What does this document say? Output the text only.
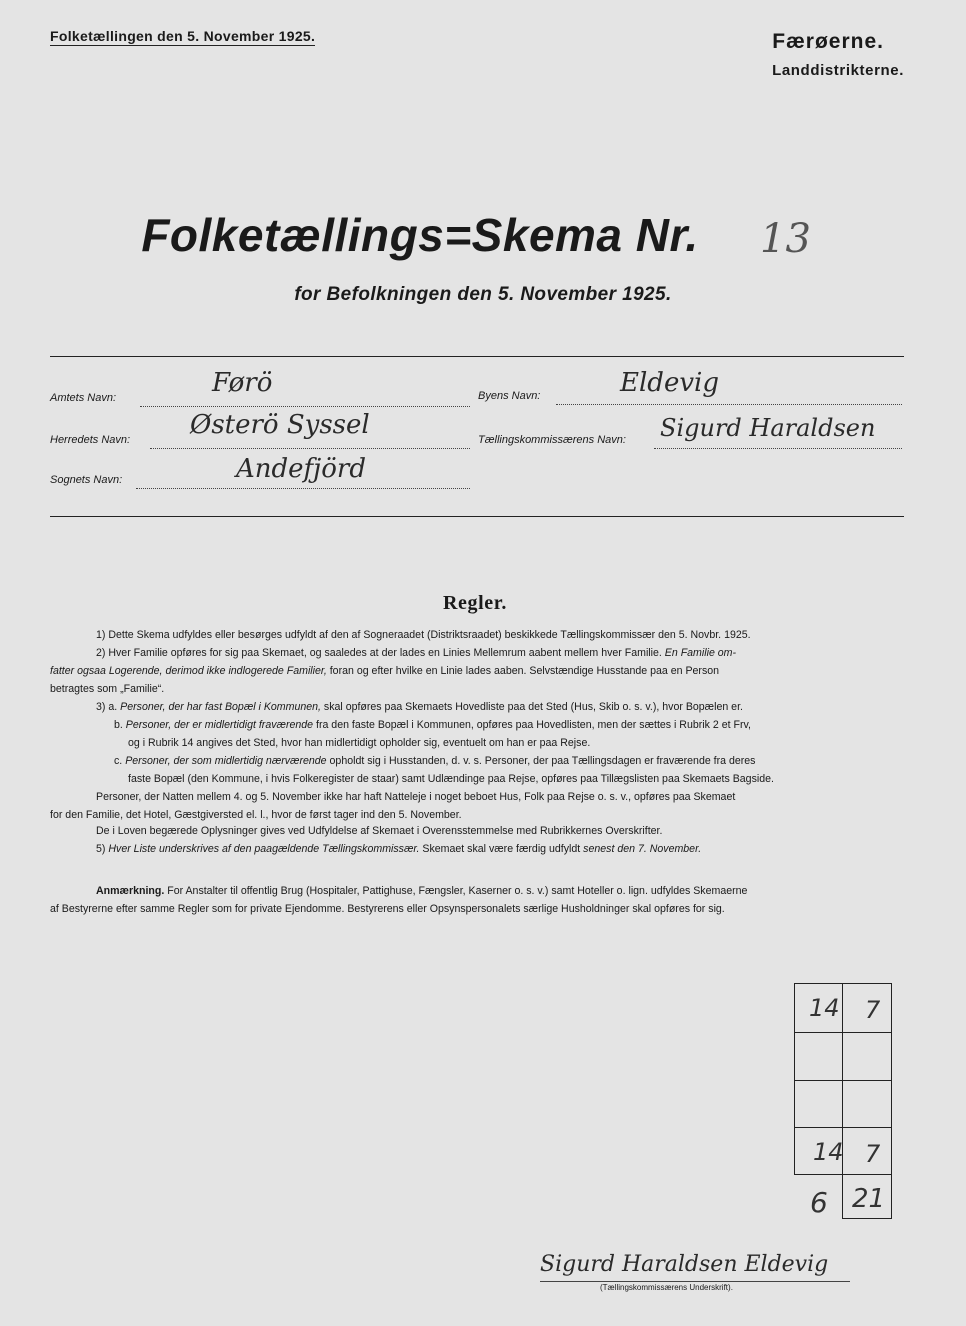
Folketællingen den 5. November 1925.	Færøerne.
Landdistrikterne.
Folketællings=Skema Nr.	13
for Befolkningen den 5. November 1925.
Amtets Navn:	Førö	Byens Navn:	Eldevig
Herredets Navn: Østerö Syssel	Tællingskommissærens Navn: Sigurd Haraldsen
Sognets Navn:	Andefjörd
Regler.
1) Dette Skema udfyldes eller besørges udfyldt af den af Sogneraadet (Distriktsraadet) beskikkede Tællingskommissær den 5. Novbr. 1925.
2) Hver Familie opføres for sig paa Skemaet, og saaledes at der lades en Linies Mellemrum aabent mellem hver Familie. En Familie om-
fatter ogsaa Logerende, derimod ikke indlogerede Familier, foran og efter hvilke en Linie lades aaben. Selvstændige Husstande paa en Person
betragtes som „Familie“.
3) a. Personer, der har fast Bopæl i Kommunen, skal opføres paa Skemaets Hovedliste paa det Sted (Hus, Skib o. s. v.), hvor Bopælen er.
b. Personer, der er midlertidigt fraværende fra den faste Bopæl i Kommunen, opføres paa Hovedlisten, men der sættes i Rubrik 2 et Frv,
og i Rubrik 14 angives det Sted, hvor han midlertidigt opholder sig, eventuelt om han er paa Rejse.
c. Personer, der som midlertidig nærværende opholdt sig i Husstanden, d. v. s. Personer, der paa Tællingsdagen er fraværende fra deres
faste Bopæl (den Kommune, i hvis Folkeregister de staar) samt Udlændinge paa Rejse, opføres paa Tillægslisten paa Skemaets Bagside.
Personer, der Natten mellem 4. og 5. November ikke har haft Natteleje i noget beboet Hus, Folk paa Rejse o. s. v., opføres paa Skemaet
for den Familie, det Hotel, Gæstgiversted el. l., hvor de først tager ind den 5. November.
De i Loven begærede Oplysninger gives ved Udfyldelse af Skemaet i Overensstemmelse med Rubrikkernes Overskrifter.
5) Hver Liste underskrives af den paagældende Tællingskommissær. Skemaet skal være færdig udfyldt senest den 7. November.
Anmærkning. For Anstalter til offentlig Brug (Hospitaler, Pattighuse, Fængsler, Kaserner o. s. v.) samt Hoteller o. lign. udfyldes Skemaerne
af Bestyrerne efter samme Regler som for private Ejendomme. Bestyrerens eller Opsynspersonalets særlige Husholdninger skal opføres for sig.
14 7
14 7
6 21
Sigurd Haraldsen Eldevig
(Tællingskommissærens Underskrift).
